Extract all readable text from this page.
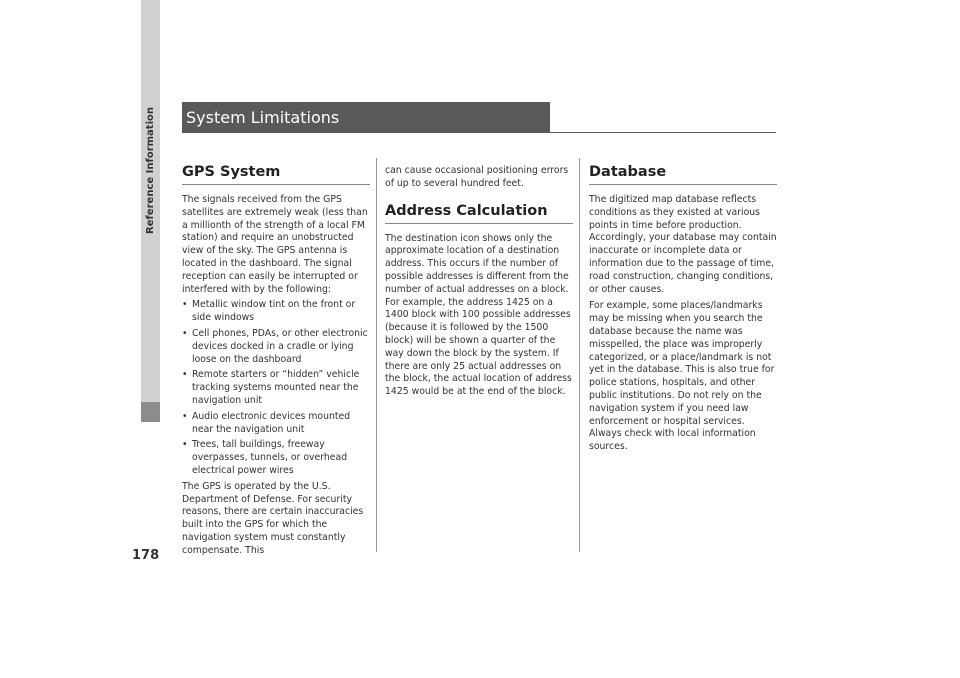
Reference Information System Limitations
GPS System

The signals received from the GPS satellites are extremely weak (less than a millionth of the strength of a local FM station) and require an unobstructed view of the sky. The GPS antenna is located in the dashboard. The signal reception can easily be interrupted or interfered with by the following:

• Metallic window tint on the front or side windows
• Cell phones, PDAs, or other electronic devices docked in a cradle or lying loose on the dashboard
• Remote starters or “hidden” vehicle tracking systems mounted near the navigation unit
• Audio electronic devices mounted near the navigation unit
• Trees, tall buildings, freeway overpasses, tunnels, or overhead electrical power wires

The GPS is operated by the U.S. Department of Defense. For security reasons, there are certain inaccuracies built into the GPS for which the navigation system must constantly compensate. This

can cause occasional positioning errors of up to several hundred feet.

Address Calculation

The destination icon shows only the approximate location of a destination address. This occurs if the number of possible addresses is different from the number of actual addresses on a block. For example, the address 1425 on a 1400 block with 100 possible addresses (because it is followed by the 1500 block) will be shown a quarter of the way down the block by the system. If there are only 25 actual addresses on the block, the actual location of address 1425 would be at the end of the block.

Database

The digitized map database reflects conditions as they existed at various points in time before production. Accordingly, your database may contain inaccurate or incomplete data or information due to the passage of time, road construction, changing conditions, or other causes.

For example, some places/landmarks may be missing when you search the database because the name was misspelled, the place was improperly categorized, or a place/landmark is not yet in the database. This is also true for police stations, hospitals, and other public institutions. Do not rely on the navigation system if you need law enforcement or hospital services. Always check with local information sources.

178
